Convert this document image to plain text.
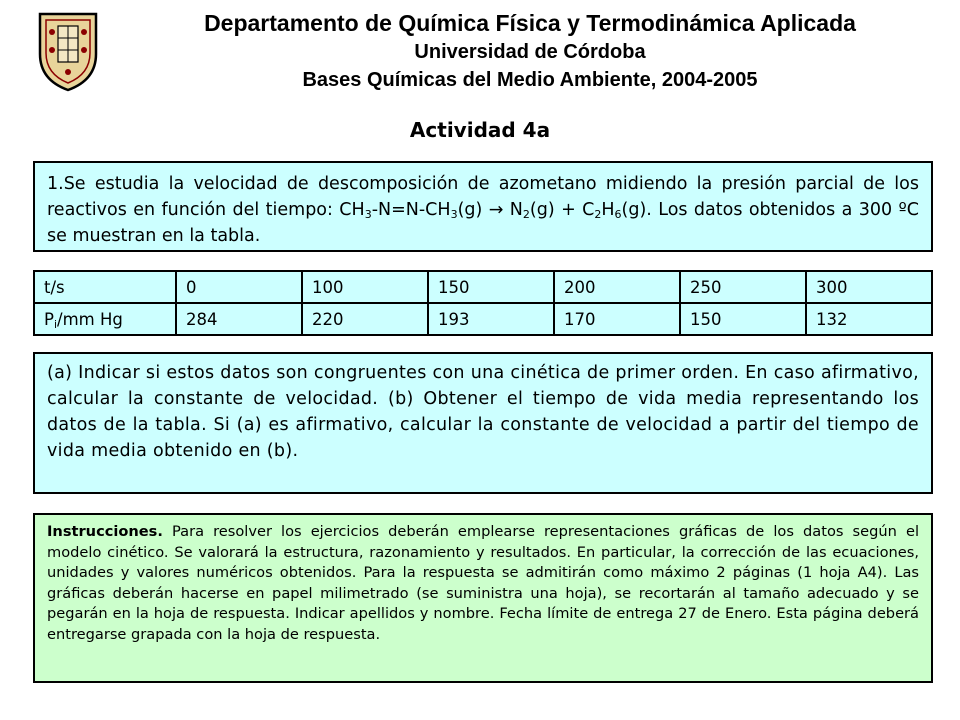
Departamento de Química Física y Termodinámica Aplicada
Universidad de Córdoba
Bases Químicas del Medio Ambiente, 2004-2005
Actividad 4a
1.Se estudia la velocidad de descomposición de azometano midiendo la presión parcial de los reactivos en función del tiempo: $CH_3-N=N-CH_3(g) \to N_2(g) + C_2H_6(g)$. Los datos obtenidos a 300 ºC se muestran en la tabla.
t/s	0	100	150	200	250	300
$P_i/mm$ Hg	284	220	193	170	150	132
(a) Indicar si estos datos son congruentes con una cinética de primer orden. En caso afirmativo, calcular la constante de velocidad. (b) Obtener el tiempo de vida media representando los datos de la tabla. Si (a) es afirmativo, calcular la constante de velocidad a partir del tiempo de vida media obtenido en (b).
Instrucciones. Para resolver los ejercicios deberán emplearse representaciones gráficas de los datos según el modelo cinético. Se valorará la estructura, razonamiento y resultados. En particular, la corrección de las ecuaciones, unidades y valores numéricos obtenidos. Para la respuesta se admitirán como máximo 2 páginas (1 hoja A4). Las gráficas deberán hacerse en papel milimetrado (se suministra una hoja), se recortarán al tamaño adecuado y se pegarán en la hoja de respuesta. Indicar apellidos y nombre. Fecha límite de entrega 27 de Enero. Esta página deberá entregarse grapada con la hoja de respuesta.
